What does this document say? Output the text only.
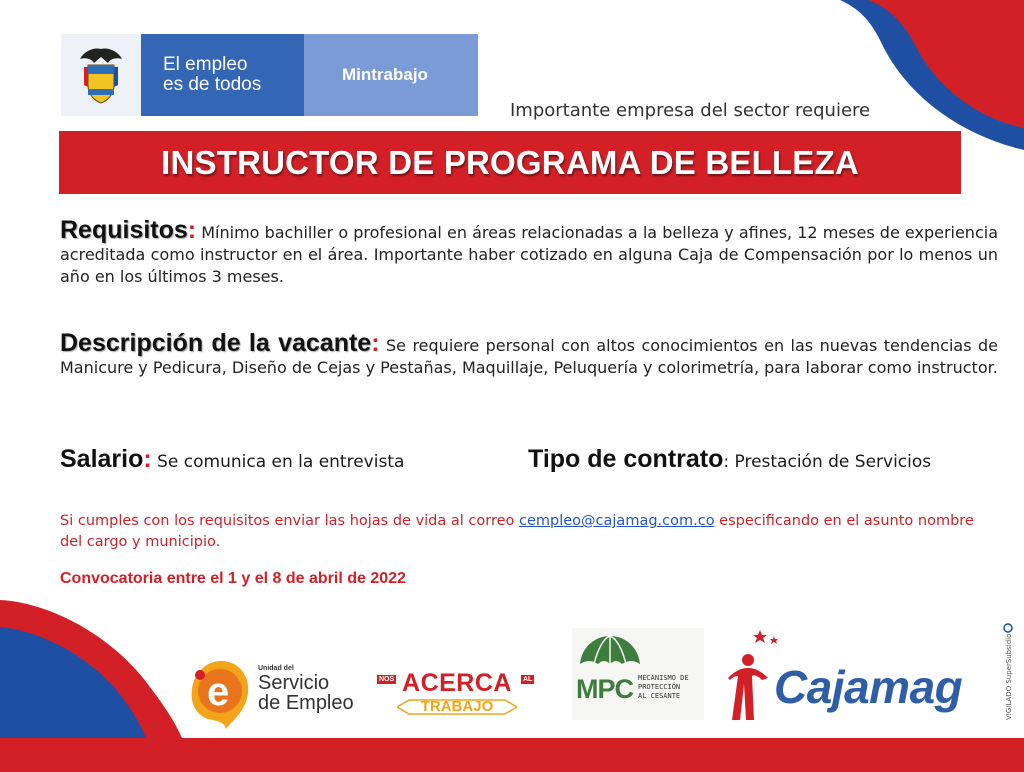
El empleo
es de todos	Mintrabajo
Importante empresa del sector requiere
INSTRUCTOR DE PROGRAMA DE BELLEZA

Requisitos: Mínimo bachiller o profesional en áreas relacionadas a la belleza y afines, 12 meses de experiencia acreditada como instructor en el área. Importante haber cotizado en alguna Caja de Compensación por lo menos un año en los últimos 3 meses.

Descripción de la vacante: Se requiere personal con altos conocimientos en las nuevas tendencias de Manicure y Pedicura, Diseño de Cejas y Pestañas, Maquillaje, Peluquería y colorimetría, para laborar como instructor.

Salario: Se comunica en la entrevista	Tipo de contrato: Prestación de Servicios

Si cumples con los requisitos enviar las hojas de vida al correo cempleo@cajamag.com.co especificando en el asunto nombre del cargo y municipio.

Convocatoria entre el 1 y el 8 de abril de 2022
e
Unidad del
Servicio
de Empleo
NOS ACERCA	AL
TRABAJO
MPC MECANISMO DE
PROTECCIÓN
AL CESANTE Cajamag	VIGILADO SuperSubsidio
